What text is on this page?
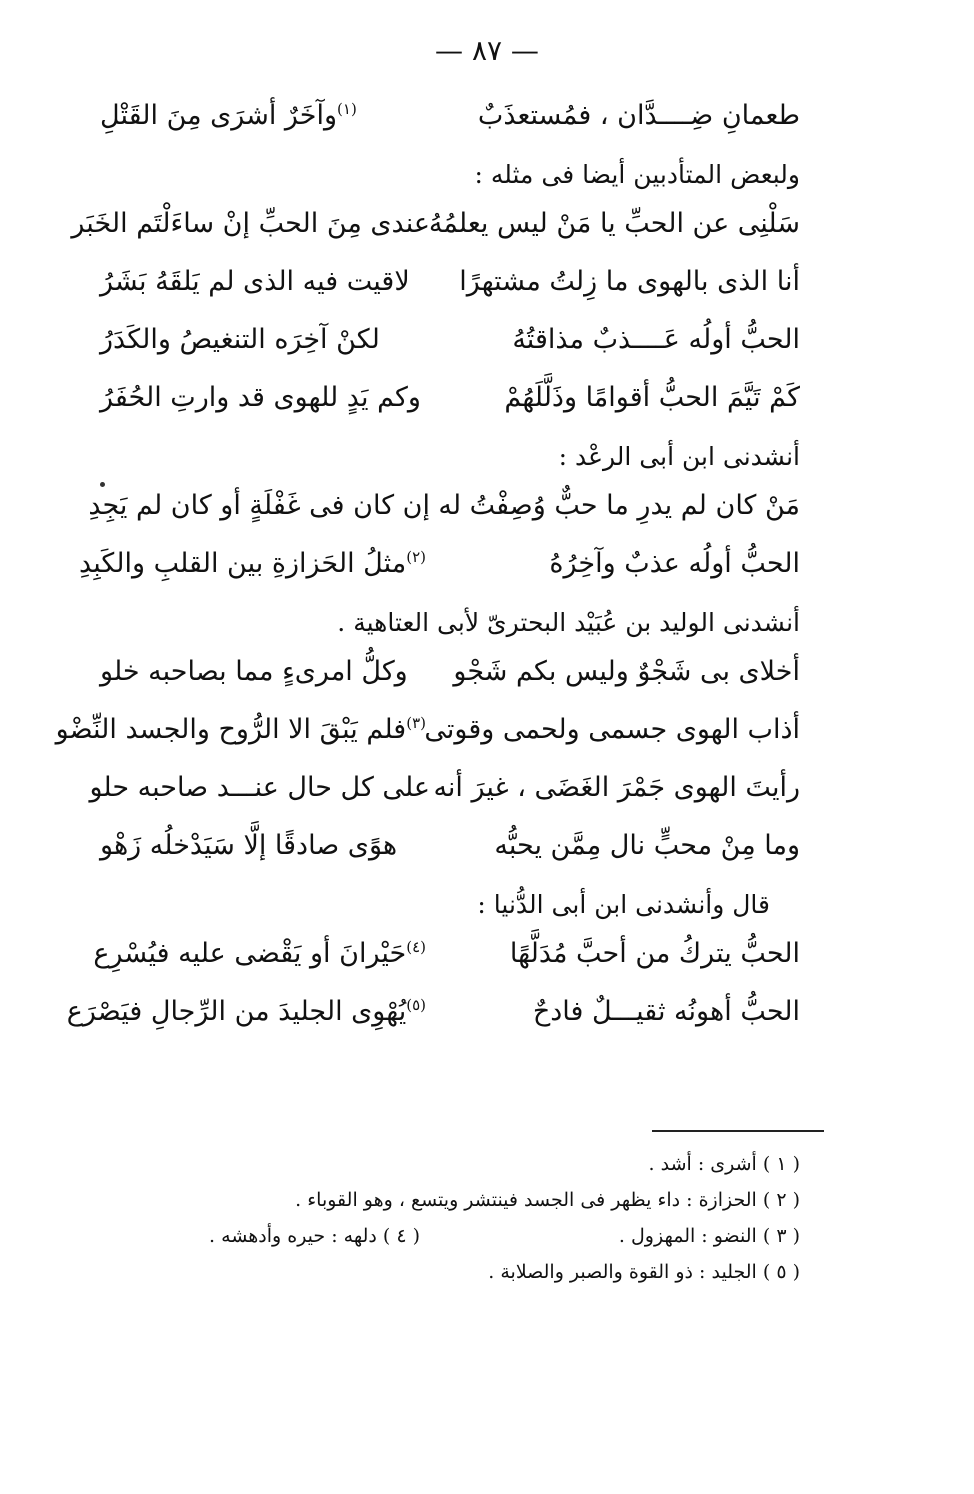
— ٨٧ —
طعمانِ ضِــــدَّان ، فمُستعذَبٌ
$^{(١)}$وآخَرٌ أشرَى مِنَ القَتْلِ
ولبعض المتأدبين أيضا فى مثله :
سَلْنِى عن الحبِّ يا مَنْ ليس يعلمُهُ
عندى مِنَ الحبِّ إنْ ساءَلْتَم الخَبَر
أنا الذى بالهوى ما زِلتُ مشتهرًا
لاقيت فيه الذى لم يَلقَهُ بَشَرُ
الحبُّ أولُه عَــــذبٌ مذاقتُهُ
لكنْ آخِرَه التنغيصُ والكَدَرُ
كَمْ تَيَّمَ الحبُّ أقوامًا وذَلَّلَهُمْ
وكم يَدٍ للهوى قد وارتِ الحُفَرُ
أنشدنى ابن أبى الرعْد :
مَنْ كان لم يدرِ ما حبٌّ وُصِفْتُ له
إن كان فى غَفْلَةٍ أو كان لم يَجِدِ
الحبُّ أولُه عذبٌ وآخِرُهُ
$^{(٢)}$مثلُ الحَزازةِ بين القلبِ والكَبِدِ
أنشدنى الوليد بن عُبَيْد البحترىّ لأبى العتاهية .
أخلاى بى شَجْوٌ وليس بكم شَجْو
وكلُّ امرىءٍ مما بصاحبه خلو
أذاب الهوى جسمى ولحمى وقوتى
$^{(٣)}$فلم يَبْقَ الا الرُّوح والجسد النِّضْو
رأيتَ الهوى جَمْرَ الغَضَى ، غيرَ أنه
على كل حال عنـــد صاحبه حلو
وما مِنْ محبٍّ نال مِمَّن يحبُّه
هوًى صادقًا إلَّا سَيَدْخلُه زَهْو
قال وأنشدنى ابن أبى الدُّنيا :
الحبُّ يتركُ من أحبَّ مُدَلَّهًا
$^{(٤)}$حَيْرانَ أو يَقْضى عليه فيُسْرِع
الحبُّ أهونُه ثقيـــلٌ فادحٌ
$^{(٥)}$يُهْوِى الجليدَ من الرِّجالِ فيَصْرَع
( ١ ) أشرى : أشد .
( ٢ ) الحزازة : داء يظهر فى الجسد فينتشر ويتسع ، وهو القوباء .
( ٣ ) النضو : المهزول .
( ٤ ) دلهه : حيره وأدهشه .
( ٥ ) الجليد : ذو القوة والصبر والصلابة .
